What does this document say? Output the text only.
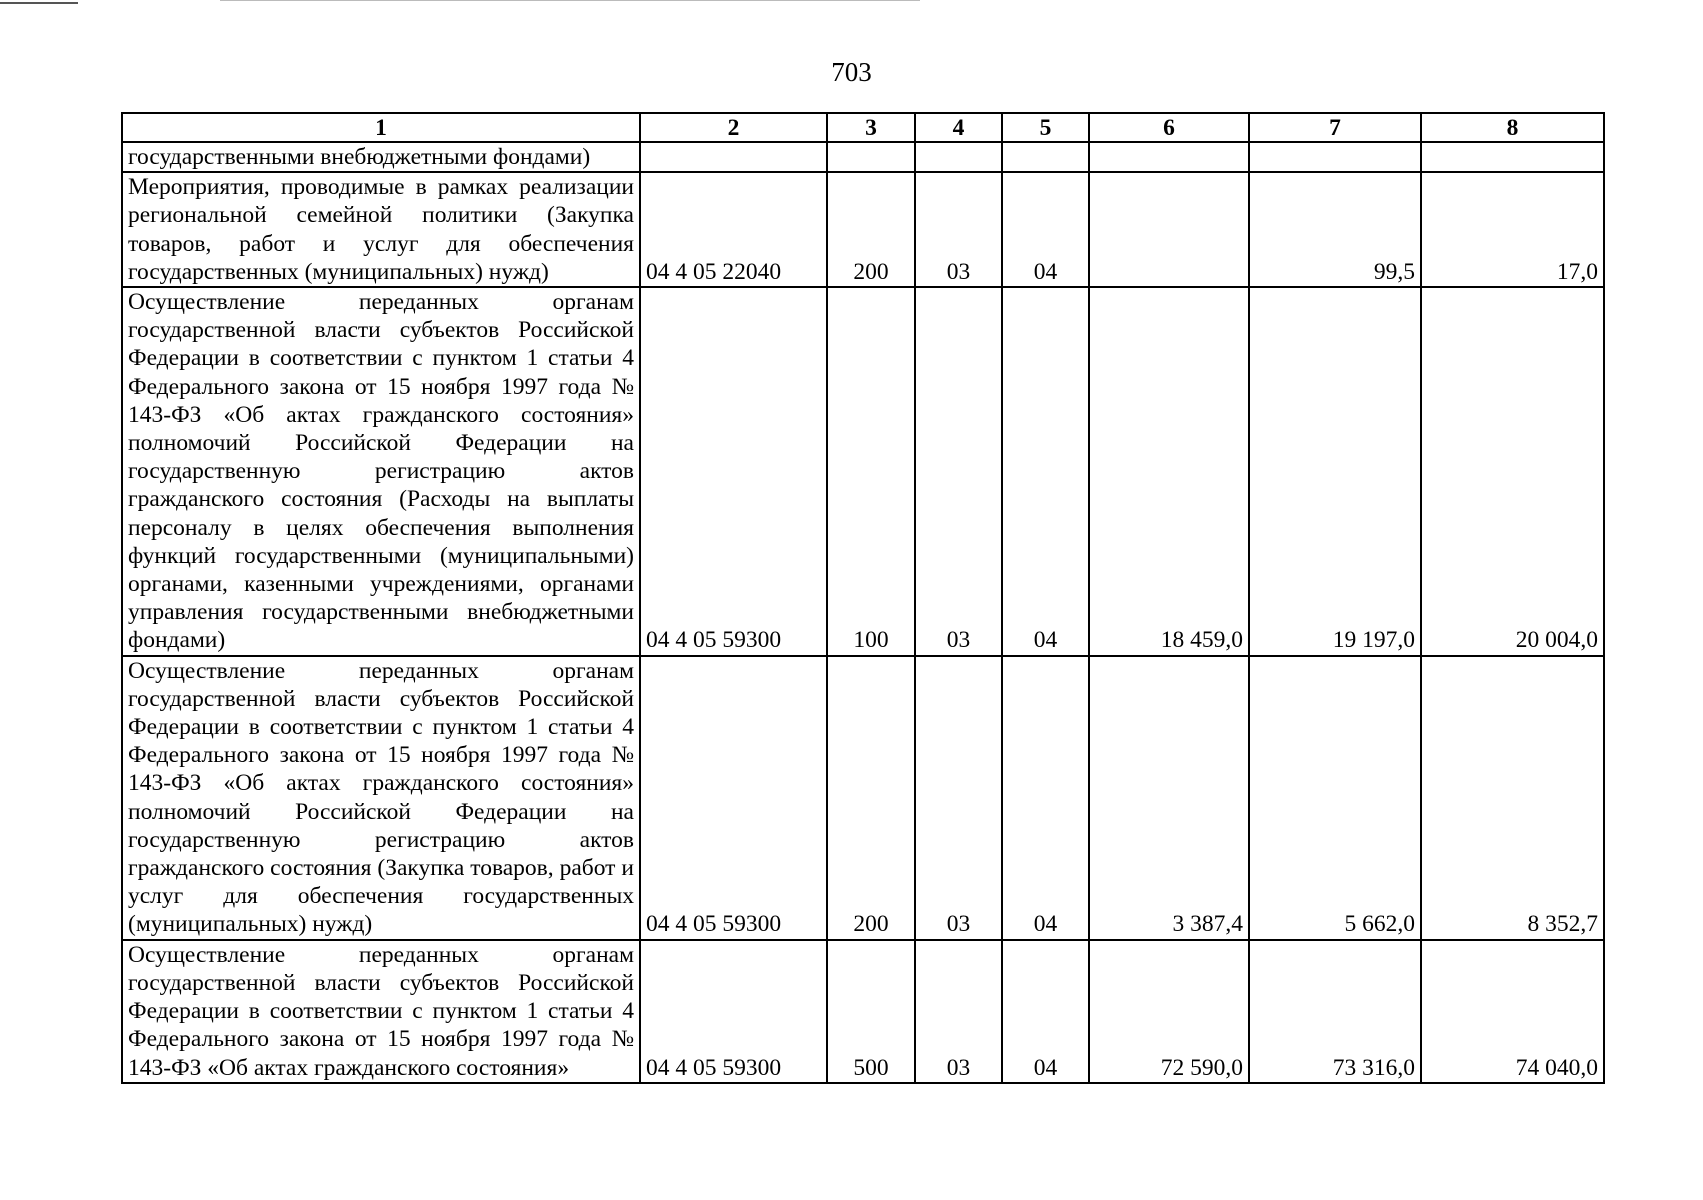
703
1	2	3	4	5	6	7	8
государственными внебюджетными фондами)							
Мероприятия, проводимые в рамках реализации региональной семейной политики (Закупка товаров, работ и услуг для обеспечения государственных (муниципальных) нужд)	04 4 05 22040	200	03	04		99,5	17,0
Осуществление переданных органам государственной власти субъектов Российской Федерации в соответствии с пунктом 1 статьи 4 Федерального закона от 15 ноября 1997 года № 143-ФЗ «Об актах гражданского состояния» полномочий Российской Федерации на государственную регистрацию актов гражданского состояния (Расходы на выплаты персоналу в целях обеспечения выполнения функций государственными (муниципальными) органами, казенными учреждениями, органами управления государственными внебюджетными фондами)	04 4 05 59300	100	03	04	18 459,0	19 197,0	20 004,0
Осуществление переданных органам государственной власти субъектов Российской Федерации в соответствии с пунктом 1 статьи 4 Федерального закона от 15 ноября 1997 года № 143-ФЗ «Об актах гражданского состояния» полномочий Российской Федерации на государственную регистрацию актов гражданского состояния (Закупка товаров, работ и услуг для обеспечения государственных (муниципальных) нужд)	04 4 05 59300	200	03	04	3 387,4	5 662,0	8 352,7
Осуществление переданных органам государственной власти субъектов Российской Федерации в соответствии с пунктом 1 статьи 4 Федерального закона от 15 ноября 1997 года № 143-ФЗ «Об актах гражданского состояния»	04 4 05 59300	500	03	04	72 590,0	73 316,0	74 040,0
